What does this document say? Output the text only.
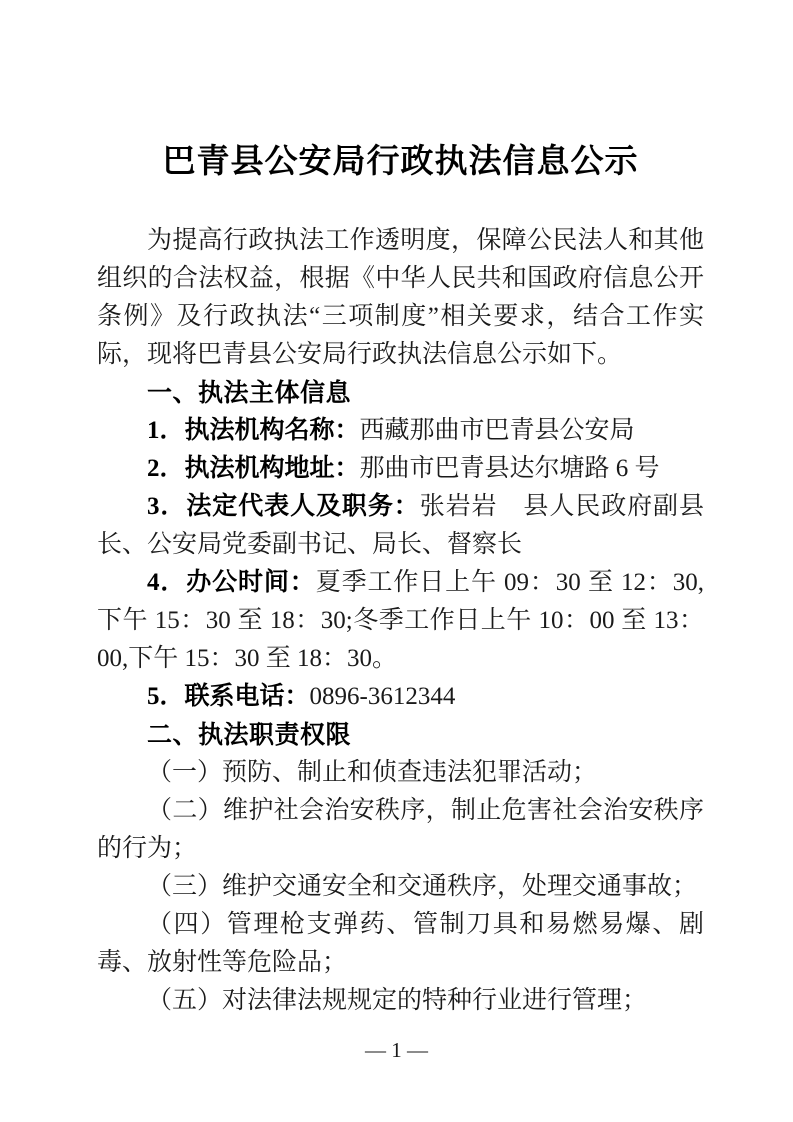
巴青县公安局行政执法信息公示

为提高行政执法工作透明度，保障公民法人和其他组织的合法权益，根据《中华人民共和国政府信息公开条例》及行政执法“三项制度”相关要求，结合工作实际，现将巴青县公安局行政执法信息公示如下。

一、执法主体信息

1．执法机构名称：西藏那曲市巴青县公安局

2．执法机构地址：那曲市巴青县达尔塘路 6 号

3．法定代表人及职务：张岩岩　县人民政府副县长、公安局党委副书记、局长、督察长

4．办公时间：夏季工作日上午 09：30 至 12：30,下午 15：30 至 18：30;冬季工作日上午 10：00 至 13：00,下午 15：30 至 18：30。

5．联系电话：0896-3612344

二、执法职责权限

（一）预防、制止和侦查违法犯罪活动；

（二）维护社会治安秩序，制止危害社会治安秩序的行为；

（三）维护交通安全和交通秩序，处理交通事故；

（四）管理枪支弹药、管制刀具和易燃易爆、剧毒、放射性等危险品；

（五）对法律法规规定的特种行业进行管理；

— 1 —
